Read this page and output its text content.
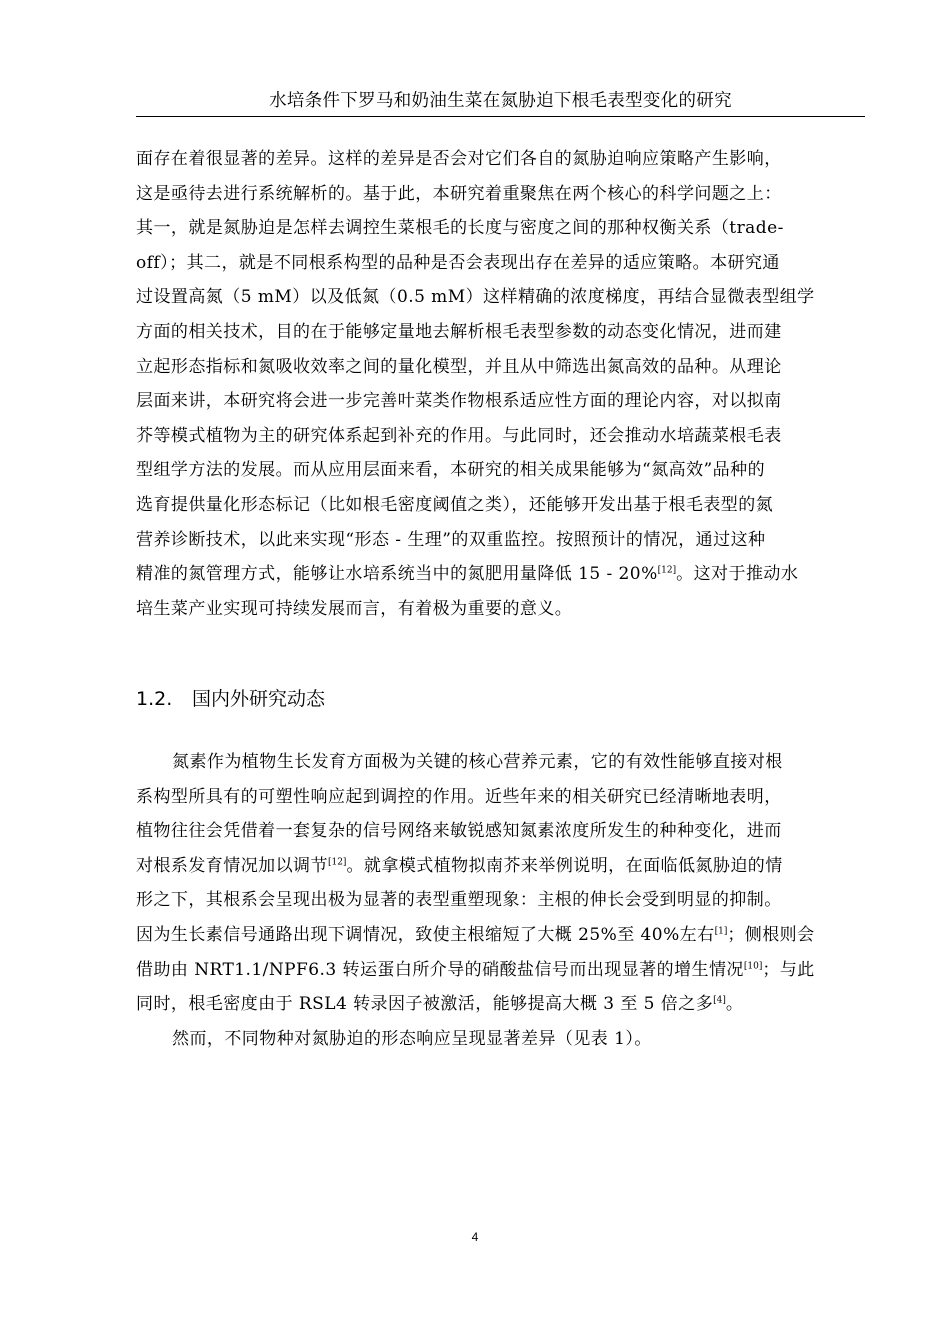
水培条件下罗马和奶油生菜在氮胁迫下根毛表型变化的研究
面存在着很显著的差异。这样的差异是否会对它们各自的氮胁迫响应策略产生影响，
这是亟待去进行系统解析的。基于此，本研究着重聚焦在两个核心的科学问题之上：
其一，就是氮胁迫是怎样去调控生菜根毛的长度与密度之间的那种权衡关系（trade-
off）；其二，就是不同根系构型的品种是否会表现出存在差异的适应策略。本研究通
过设置高氮（5 mM）以及低氮（0.5 mM）这样精确的浓度梯度，再结合显微表型组学
方面的相关技术，目的在于能够定量地去解析根毛表型参数的动态变化情况，进而建
立起形态指标和氮吸收效率之间的量化模型，并且从中筛选出氮高效的品种。从理论
层面来讲，本研究将会进一步完善叶菜类作物根系适应性方面的理论内容，对以拟南
芥等模式植物为主的研究体系起到补充的作用。与此同时，还会推动水培蔬菜根毛表
型组学方法的发展。而从应用层面来看，本研究的相关成果能够为“氮高效”品种的
选育提供量化形态标记（比如根毛密度阈值之类），还能够开发出基于根毛表型的氮
营养诊断技术，以此来实现“形态 - 生理”的双重监控。按照预计的情况，通过这种
精准的氮管理方式，能够让水培系统当中的氮肥用量降低 15 - 20%[12]。这对于推动水
培生菜产业实现可持续发展而言，有着极为重要的意义。
1.2. 国内外研究动态
氮素作为植物生长发育方面极为关键的核心营养元素，它的有效性能够直接对根
系构型所具有的可塑性响应起到调控的作用。近些年来的相关研究已经清晰地表明，
植物往往会凭借着一套复杂的信号网络来敏锐感知氮素浓度所发生的种种变化，进而
对根系发育情况加以调节[12]。就拿模式植物拟南芥来举例说明，在面临低氮胁迫的情
形之下，其根系会呈现出极为显著的表型重塑现象：主根的伸长会受到明显的抑制。
因为生长素信号通路出现下调情况，致使主根缩短了大概 25%至 40%左右[1]；侧根则会
借助由 NRT1.1/NPF6.3 转运蛋白所介导的硝酸盐信号而出现显著的增生情况[10]；与此
同时，根毛密度由于 RSL4 转录因子被激活，能够提高大概 3 至 5 倍之多[4]。
然而，不同物种对氮胁迫的形态响应呈现显著差异（见表 1）。
4
